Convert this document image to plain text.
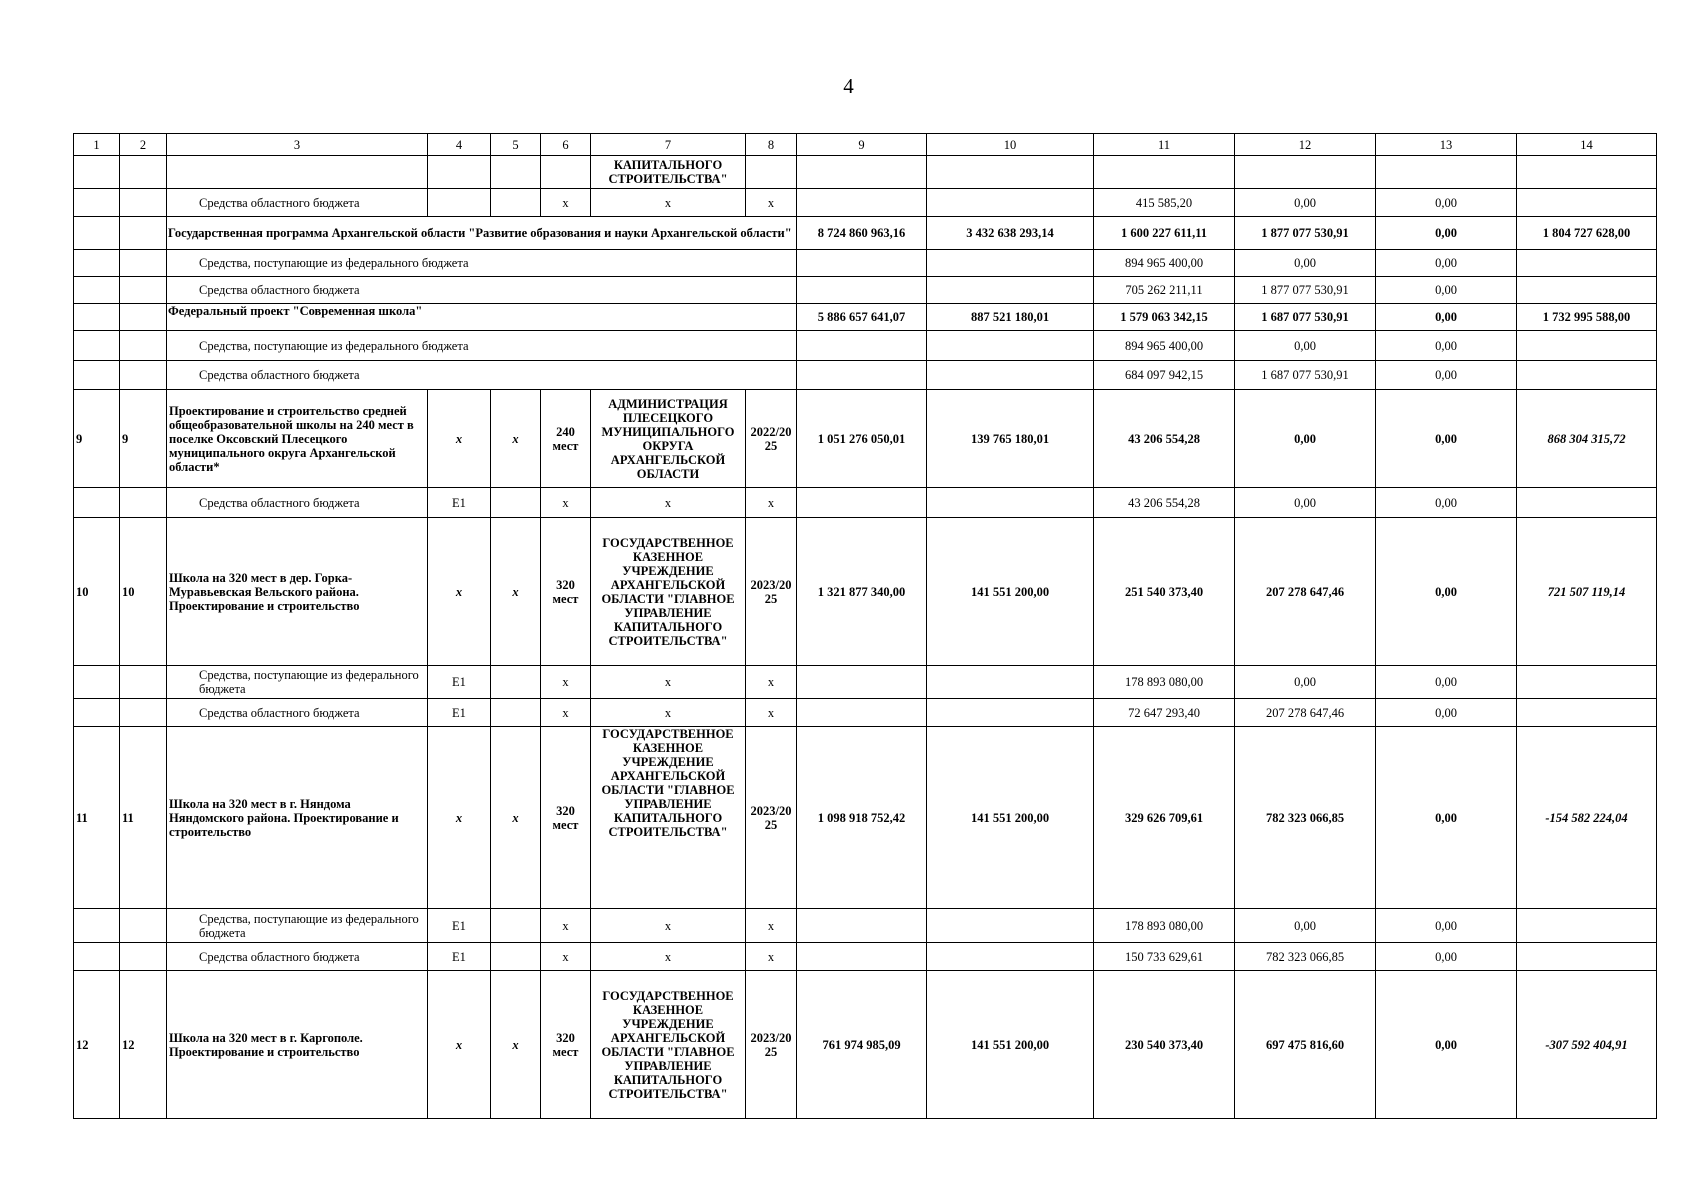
4
1	2	3	4	5	6	7	8	9	10	11	12	13	14
						КАПИТАЛЬНОГО СТРОИТЕЛЬСТВА"							
		Средства областного бюджета			х	х	х			415 585,20	0,00	0,00	
		Государственная программа Архангельской области "Развитие образования и науки Архангельской области"						8 724 860 963,16	3 432 638 293,14	1 600 227 611,11	1 877 077 530,91	0,00	1 804 727 628,00
		Средства, поступающие из федерального бюджета								894 965 400,00	0,00	0,00	
		Средства областного бюджета								705 262 211,11	1 877 077 530,91	0,00	
		Федеральный проект "Современная школа"						5 886 657 641,07	887 521 180,01	1 579 063 342,15	1 687 077 530,91	0,00	1 732 995 588,00
		Средства, поступающие из федерального бюджета								894 965 400,00	0,00	0,00	
		Средства областного бюджета								684 097 942,15	1 687 077 530,91	0,00	
9	9	Проектирование и строительство средней общеобразовательной школы на 240 мест в поселке Оксовский Плесецкого муниципального округа Архангельской области*	х	х	240 мест	АДМИНИСТРАЦИЯ ПЛЕСЕЦКОГО МУНИЦИПАЛЬНОГО ОКРУГА АРХАНГЕЛЬСКОЙ ОБЛАСТИ	2022/2025	1 051 276 050,01	139 765 180,01	43 206 554,28	0,00	0,00	868 304 315,72
		Средства областного бюджета	Е1		х	х	х			43 206 554,28	0,00	0,00	
10	10	Школа на 320 мест в дер. Горка-Муравьевская Вельского района. Проектирование и строительство	х	х	320 мест	ГОСУДАРСТВЕННОЕ КАЗЕННОЕ УЧРЕЖДЕНИЕ АРХАНГЕЛЬСКОЙ ОБЛАСТИ "ГЛАВНОЕ УПРАВЛЕНИЕ КАПИТАЛЬНОГО СТРОИТЕЛЬСТВА"	2023/2025	1 321 877 340,00	141 551 200,00	251 540 373,40	207 278 647,46	0,00	721 507 119,14
		Средства, поступающие из федерального бюджета	Е1		х	х	х			178 893 080,00	0,00	0,00	
		Средства областного бюджета	Е1		х	х	х			72 647 293,40	207 278 647,46	0,00	
11	11	Школа на 320 мест в г. Няндома Няндомского района. Проектирование и строительство	х	х	320 мест	ГОСУДАРСТВЕННОЕ КАЗЕННОЕ УЧРЕЖДЕНИЕ АРХАНГЕЛЬСКОЙ ОБЛАСТИ "ГЛАВНОЕ УПРАВЛЕНИЕ КАПИТАЛЬНОГО СТРОИТЕЛЬСТВА"	2023/2025	1 098 918 752,42	141 551 200,00	329 626 709,61	782 323 066,85	0,00	-154 582 224,04
		Средства, поступающие из федерального бюджета	Е1		х	х	х			178 893 080,00	0,00	0,00	
		Средства областного бюджета	Е1		х	х	х			150 733 629,61	782 323 066,85	0,00	
12	12	Школа на 320 мест в г. Каргополе. Проектирование и строительство	х	х	320 мест	ГОСУДАРСТВЕННОЕ КАЗЕННОЕ УЧРЕЖДЕНИЕ АРХАНГЕЛЬСКОЙ ОБЛАСТИ "ГЛАВНОЕ УПРАВЛЕНИЕ КАПИТАЛЬНОГО СТРОИТЕЛЬСТВА"	2023/2025	761 974 985,09	141 551 200,00	230 540 373,40	697 475 816,60	0,00	-307 592 404,91
